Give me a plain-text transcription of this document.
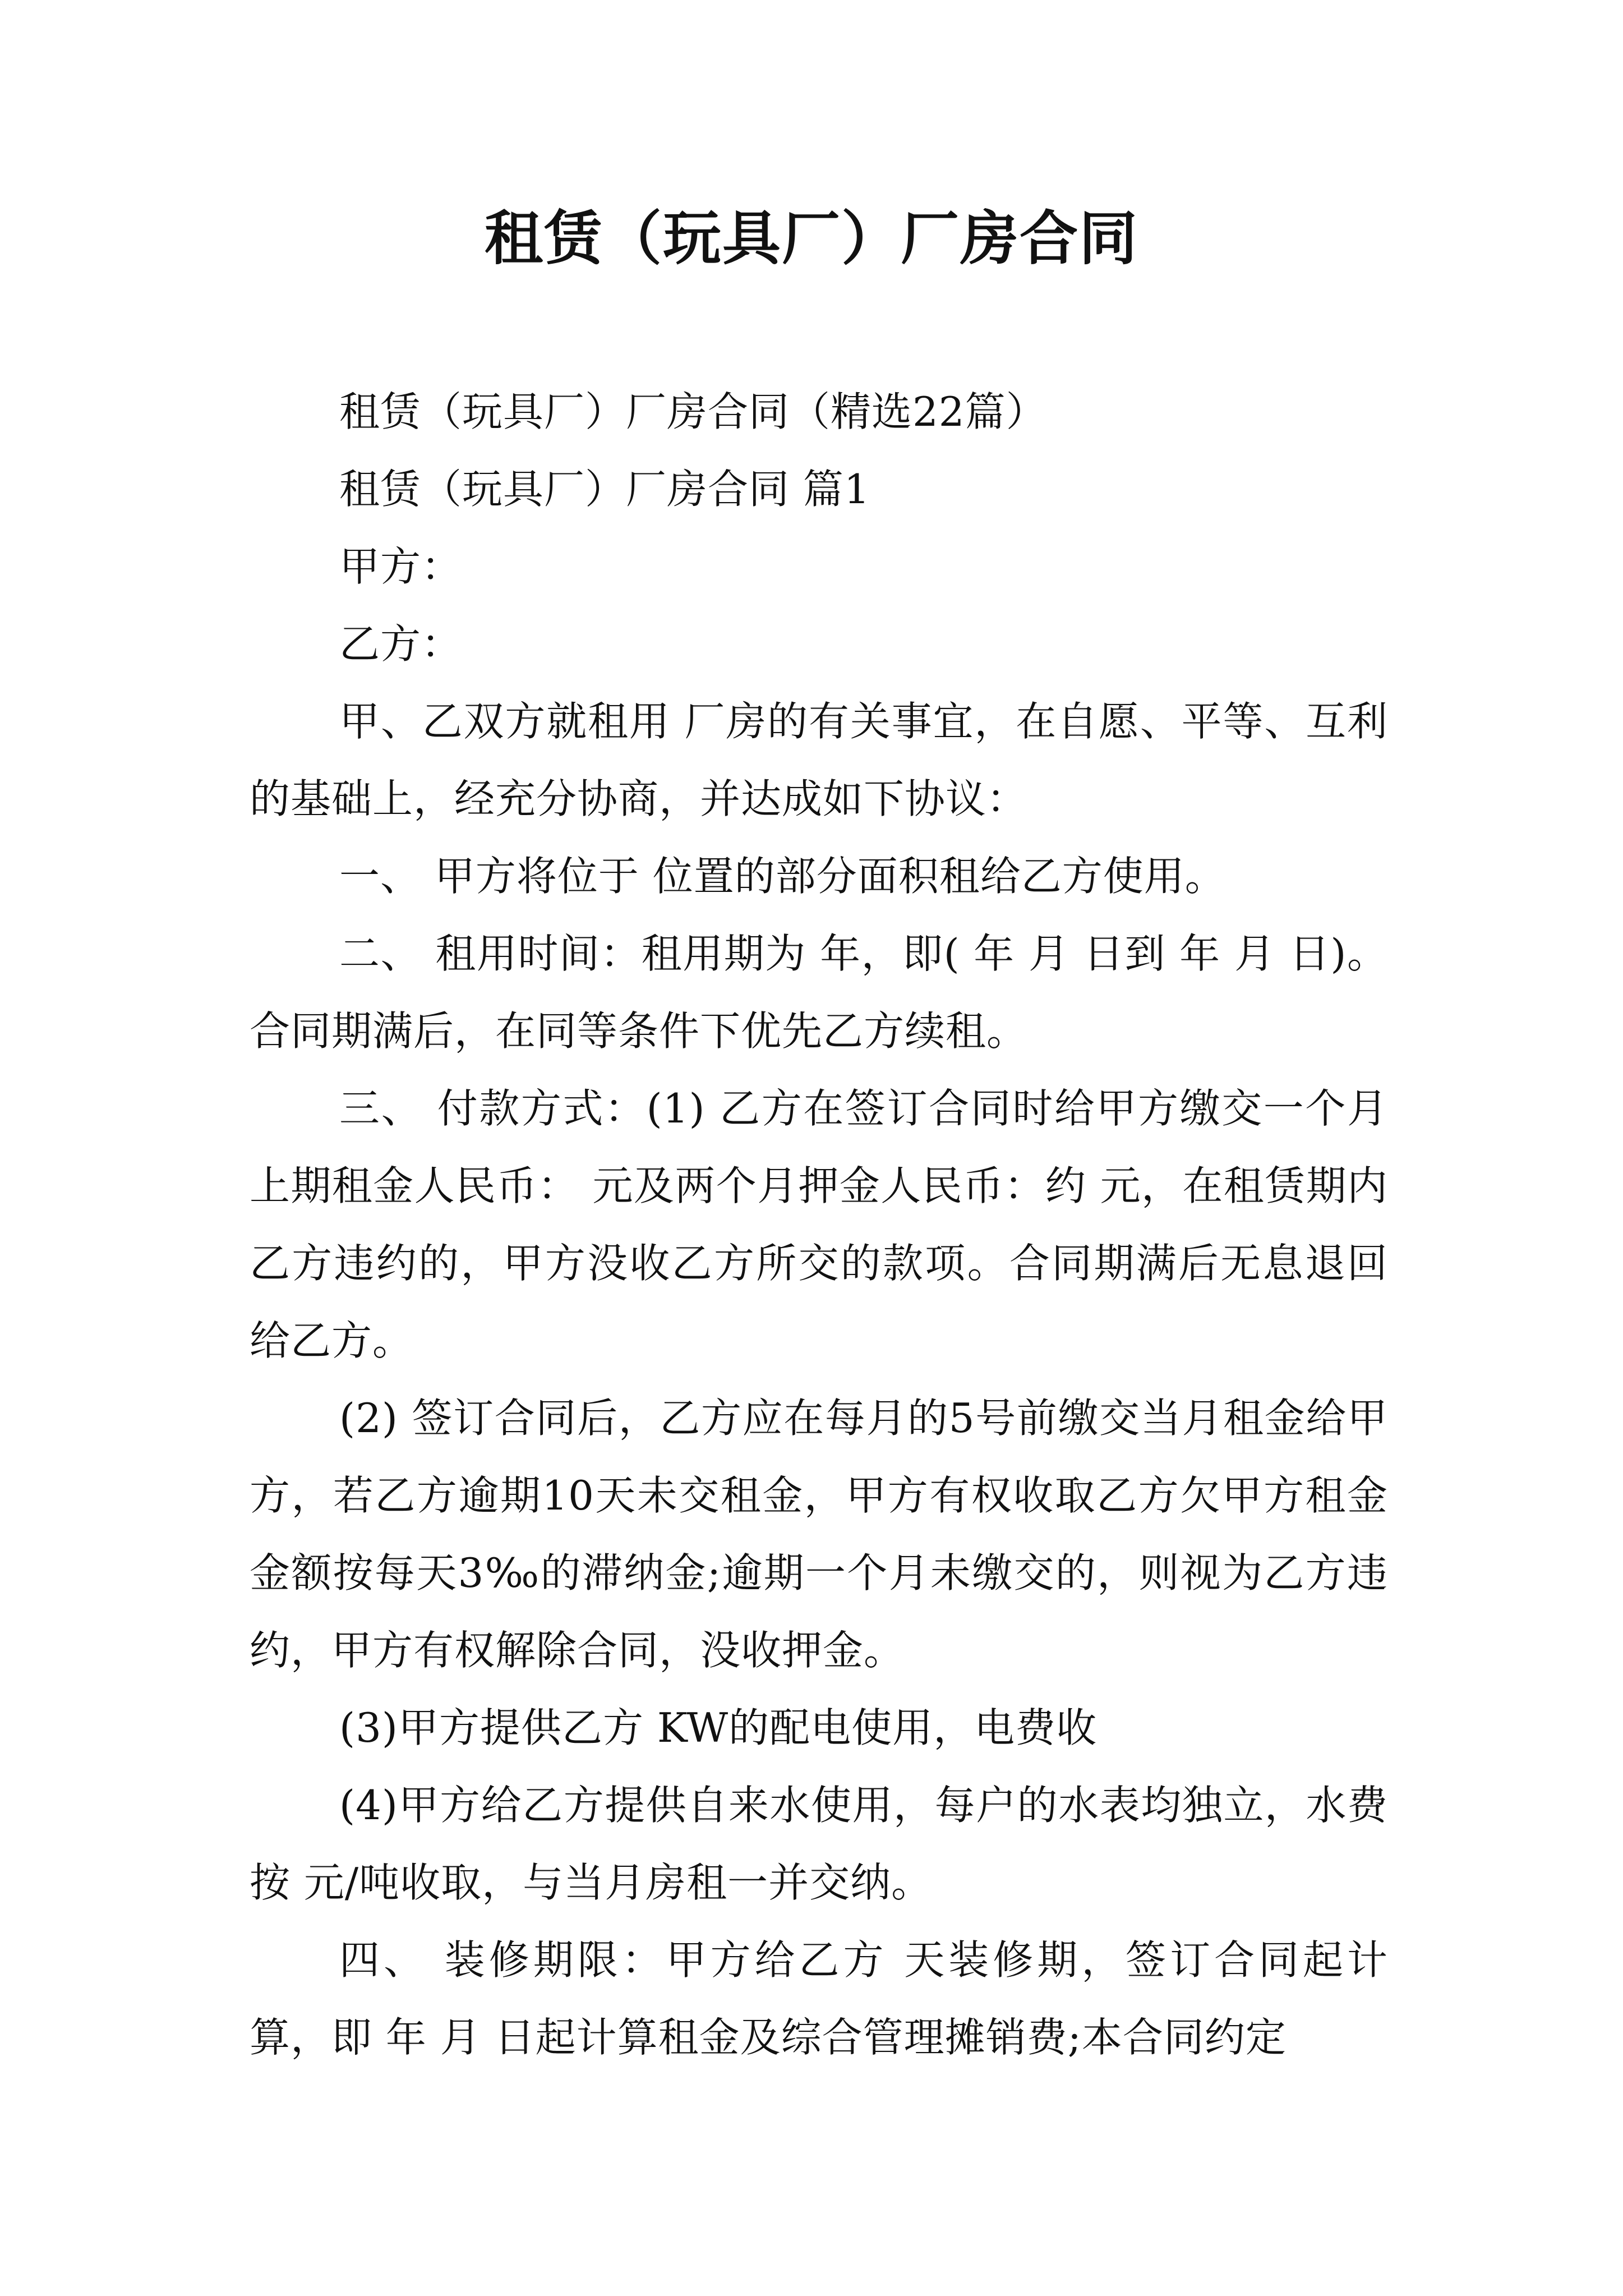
租赁（玩具厂）厂房合同

租赁（玩具厂）厂房合同（精选22篇）

租赁（玩具厂）厂房合同 篇1

甲方：

乙方：

甲、乙双方就租用 厂房的有关事宜，在自愿、平等、互利的基础上，经充分协商，并达成如下协议：

一、 甲方将位于 位置的部分面积租给乙方使用。

二、 租用时间：租用期为 年，即( 年 月 日到 年 月 日)。合同期满后，在同等条件下优先乙方续租。

三、 付款方式：(1) 乙方在签订合同时给甲方缴交一个月上期租金人民币： 元及两个月押金人民币：约 元，在租赁期内乙方违约的，甲方没收乙方所交的款项。合同期满后无息退回给乙方。

(2) 签订合同后，乙方应在每月的5号前缴交当月租金给甲方，若乙方逾期10天未交租金，甲方有权收取乙方欠甲方租金金额按每天3‰的滞纳金;逾期一个月未缴交的，则视为乙方违约，甲方有权解除合同，没收押金。

(3)甲方提供乙方 KW的配电使用，电费收

(4)甲方给乙方提供自来水使用，每户的水表均独立，水费按 元/吨收取，与当月房租一并交纳。

四、 装修期限：甲方给乙方 天装修期，签订合同起计算，即 年 月 日起计算租金及综合管理摊销费;本合同约定
